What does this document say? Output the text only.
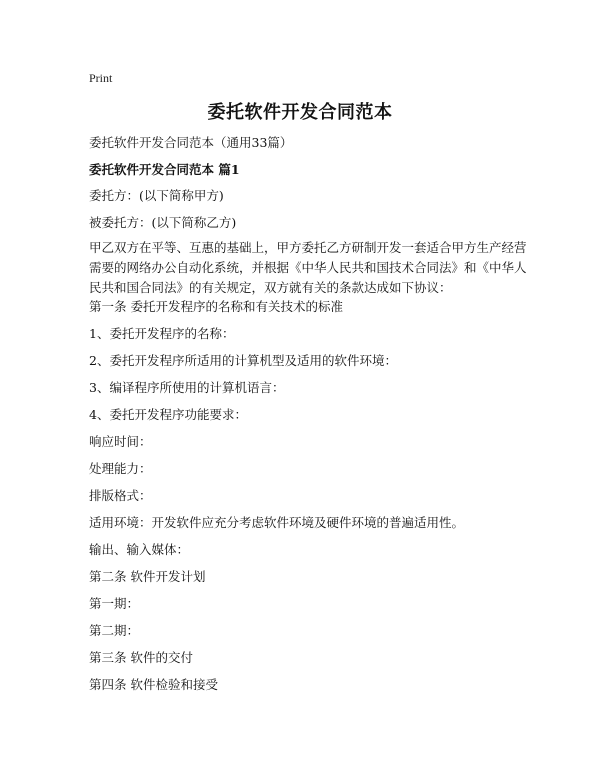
Print
委托软件开发合同范本
委托软件开发合同范本（通用33篇）
委托软件开发合同范本 篇1
委托方：(以下简称甲方)
被委托方：(以下简称乙方)
甲乙双方在平等、互惠的基础上，甲方委托乙方研制开发一套适合甲方生产经营需要的网络办公自动化系统，并根据《中华人民共和国技术合同法》和《中华人民共和国合同法》的有关规定，双方就有关的条款达成如下协议：
第一条 委托开发程序的名称和有关技术的标准
1、委托开发程序的名称：
2、委托开发程序所适用的计算机型及适用的软件环境：
3、编译程序所使用的计算机语言：
4、委托开发程序功能要求：
响应时间：
处理能力：
排版格式：
适用环境：开发软件应充分考虑软件环境及硬件环境的普遍适用性。
输出、输入媒体：
第二条 软件开发计划
第一期：
第二期：
第三条 软件的交付
第四条 软件检验和接受
